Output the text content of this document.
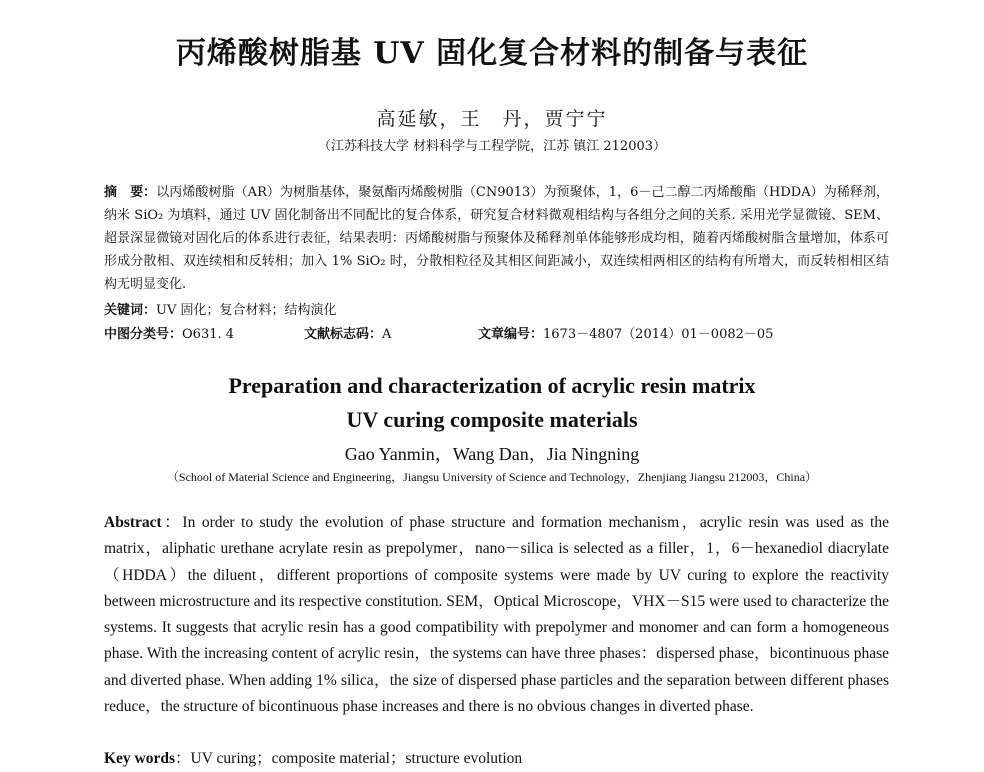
丙烯酸树脂基 UV 固化复合材料的制备与表征
高延敏，王　丹，贾宁宁
（江苏科技大学 材料科学与工程学院，江苏 镇江 212003）
摘　要：以丙烯酸树脂（AR）为树脂基体，聚氨酯丙烯酸树脂（CN9013）为预聚体，1，6－己二醇二丙烯酸酯（HDDA）为稀释剂，纳米 SiO₂ 为填料，通过 UV 固化制备出不同配比的复合体系，研究复合材料微观相结构与各组分之间的关系. 采用光学显微镜、SEM、超景深显微镜对固化后的体系进行表征，结果表明：丙烯酸树脂与预聚体及稀释剂单体能够形成均相，随着丙烯酸树脂含量增加，体系可形成分散相、双连续相和反转相；加入 1% SiO₂ 时，分散相粒径及其相区间距减小，双连续相两相区的结构有所增大，而反转相相区结构无明显变化.
关键词：UV 固化；复合材料；结构演化
中图分类号：O631. 4	文献标志码：A	文章编号：1673－4807（2014）01－0082－05
Preparation and characterization of acrylic resin matrix
UV curing composite materials
Gao Yanmin，Wang Dan，Jia Ningning
（School of Material Science and Engineering，Jiangsu University of Science and Technology，Zhenjiang Jiangsu 212003，China）
Abstract：In order to study the evolution of phase structure and formation mechanism，acrylic resin was used as the matrix，aliphatic urethane acrylate resin as prepolymer，nano－silica is selected as a filler，1，6－hexanediol diacrylate（HDDA）the diluent，different proportions of composite systems were made by UV curing to explore the reactivity between microstructure and its respective constitution. SEM，Optical Microscope，VHX－S15 were used to characterize the systems. It suggests that acrylic resin has a good compatibility with prepolymer and monomer and can form a homogeneous phase. With the increasing content of acrylic resin，the systems can have three phases：dispersed phase，bicontinuous phase and diverted phase. When adding 1% silica，the size of dispersed phase particles and the separation between different phases reduce，the structure of bicontinuous phase increases and there is no obvious changes in diverted phase.
Key words：UV curing；composite material；structure evolution
